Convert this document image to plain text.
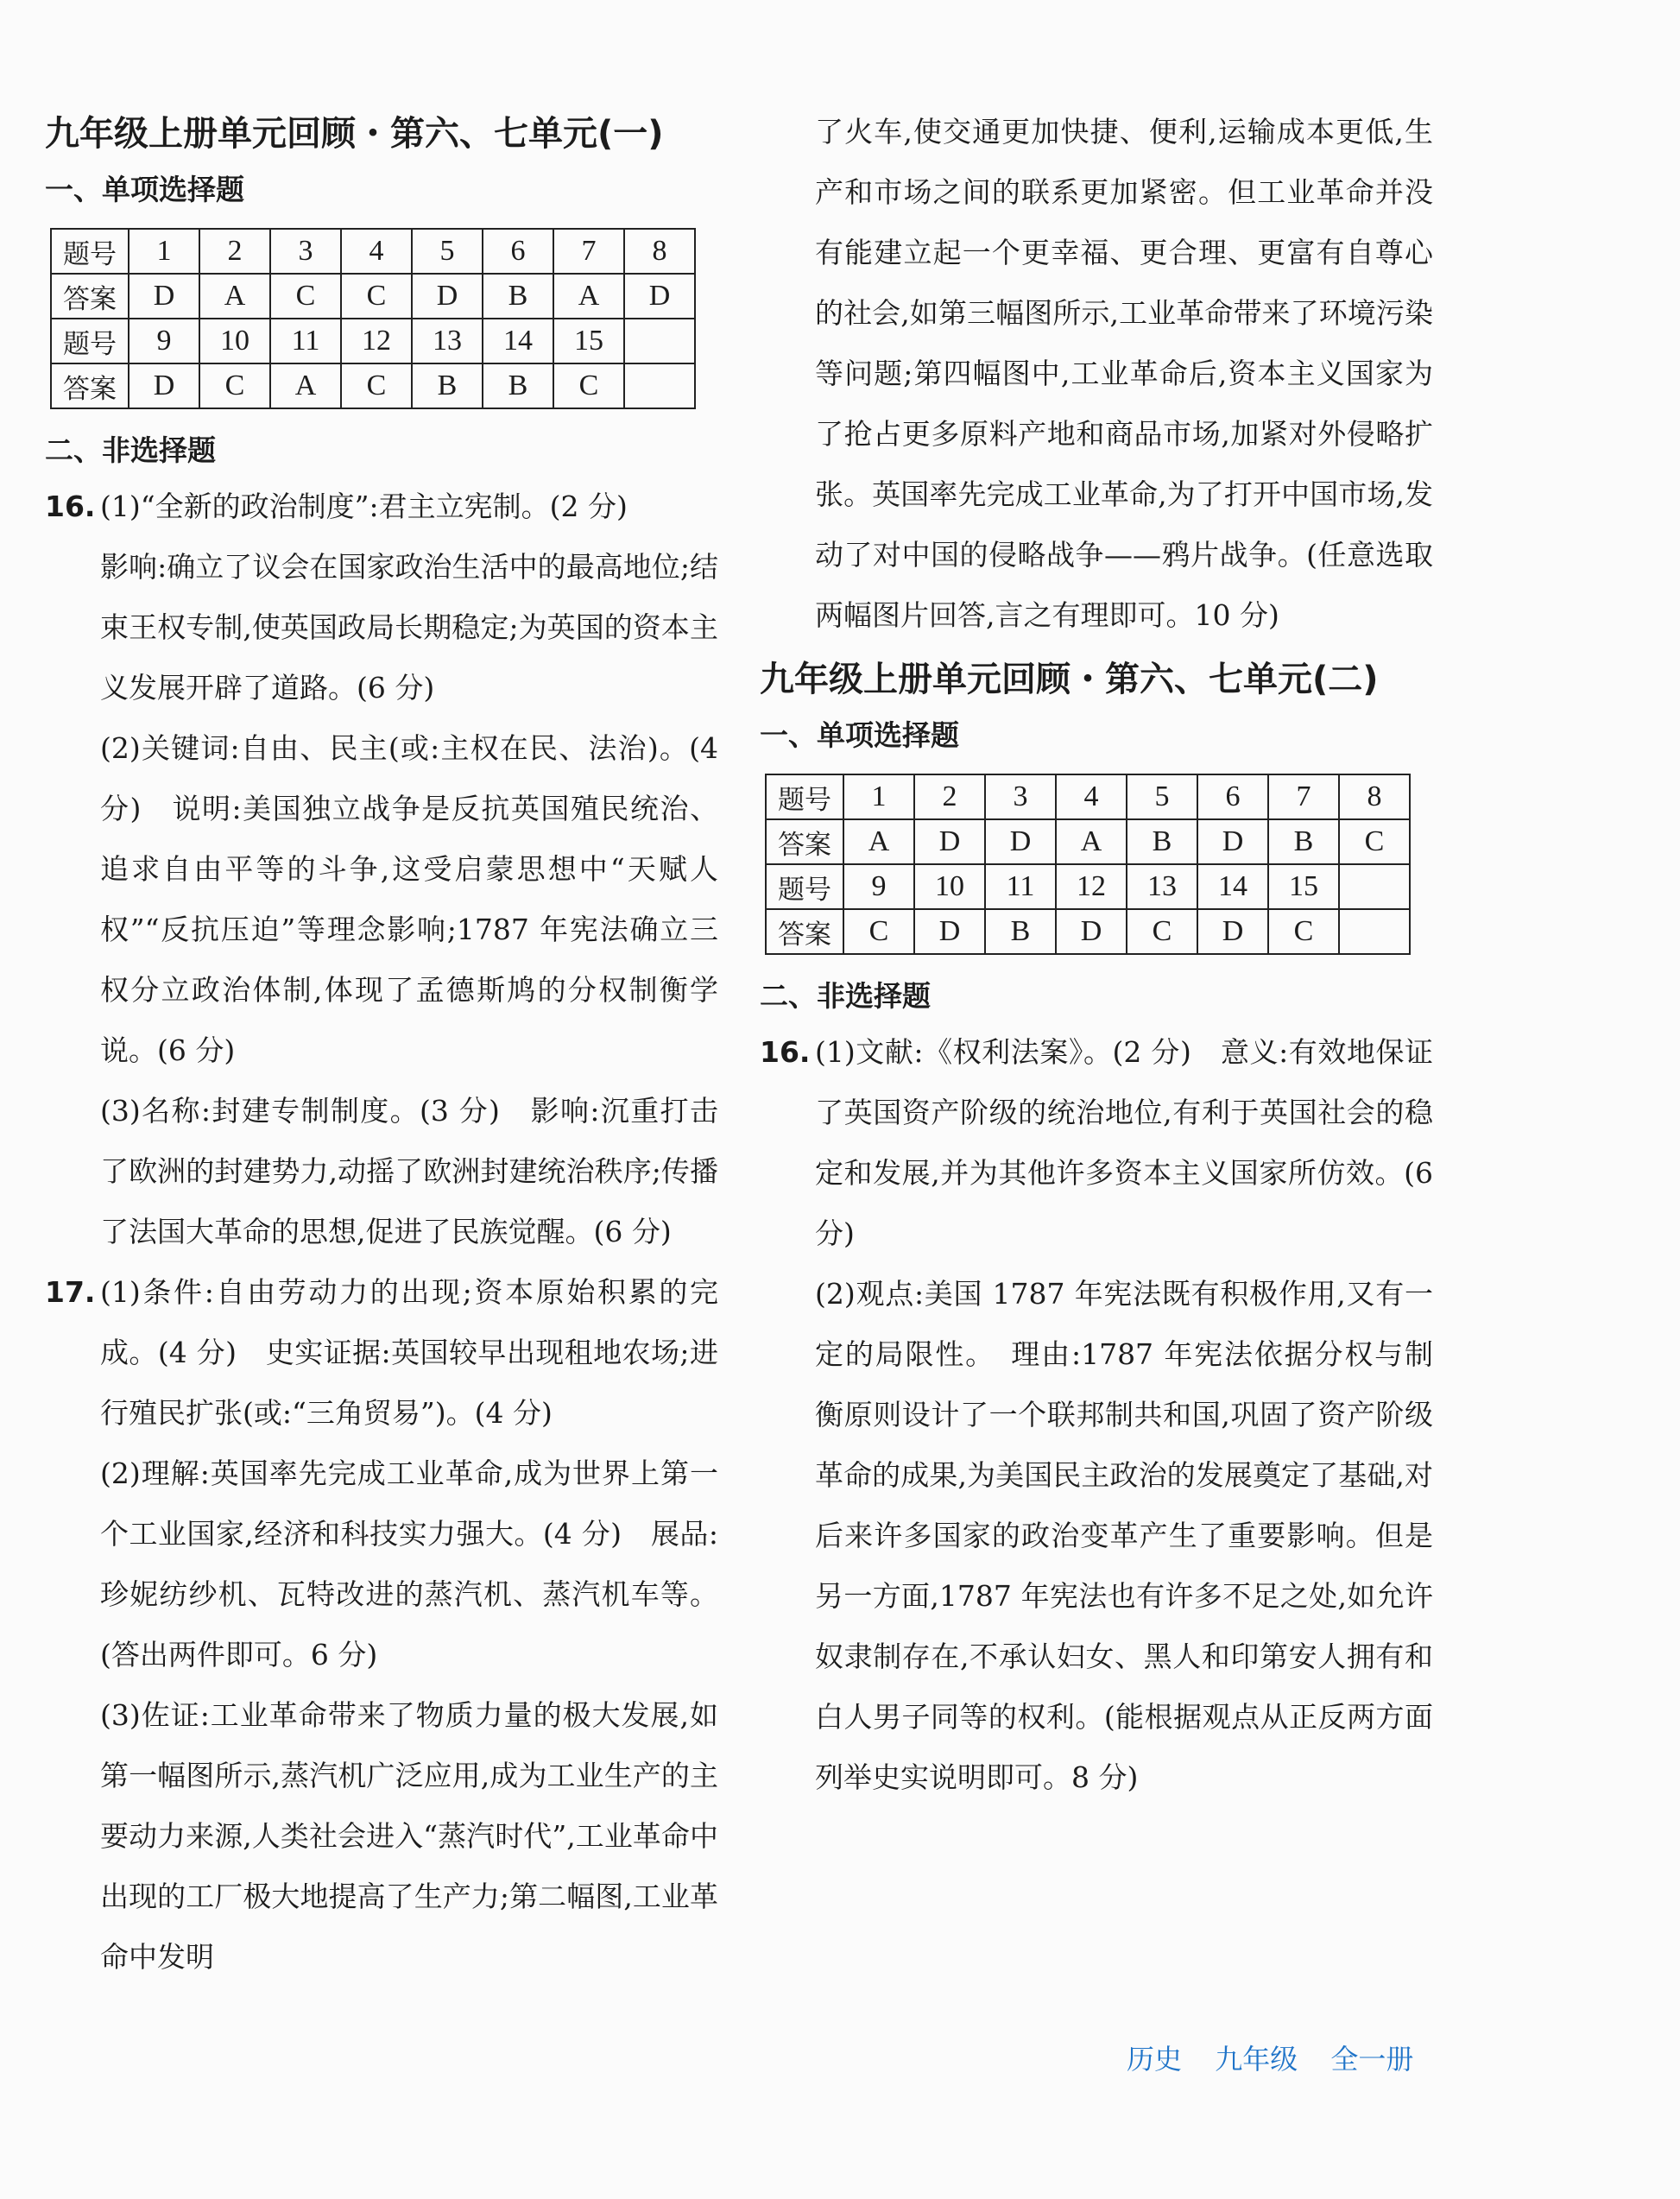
九年级上册单元回顾・第六、七单元(一)
一、单项选择题
题号	1	2	3	4	5	6	7	8
答案	D	A	C	C	D	B	A	D
题号	9	10	11	12	13	14	15	
答案	D	C	A	C	B	B	C	
二、非选择题
16. (1)“全新的政治制度”:君主立宪制。(2 分)

影响:确立了议会在国家政治生活中的最高地位;结束王权专制,使英国政局长期稳定;为英国的资本主义发展开辟了道路。(6 分)

(2)关键词:自由、民主(或:主权在民、法治)。(4 分)　说明:美国独立战争是反抗英国殖民统治、追求自由平等的斗争,这受启蒙思想中“天赋人权”“反抗压迫”等理念影响;1787 年宪法确立三权分立政治体制,体现了孟德斯鸠的分权制衡学说。(6 分)

(3)名称:封建专制制度。(3 分)　影响:沉重打击了欧洲的封建势力,动摇了欧洲封建统治秩序;传播了法国大革命的思想,促进了民族觉醒。(6 分)

17. (1)条件:自由劳动力的出现;资本原始积累的完成。(4 分)　史实证据:英国较早出现租地农场;进行殖民扩张(或:“三角贸易”)。(4 分)

(2)理解:英国率先完成工业革命,成为世界上第一个工业国家,经济和科技实力强大。(4 分)　展品:珍妮纺纱机、瓦特改进的蒸汽机、蒸汽机车等。(答出两件即可。6 分)

(3)佐证:工业革命带来了物质力量的极大发展,如第一幅图所示,蒸汽机广泛应用,成为工业生产的主要动力来源,人类社会进入“蒸汽时代”,工业革命中出现的工厂极大地提高了生产力;第二幅图,工业革命中发明

了火车,使交通更加快捷、便利,运输成本更低,生产和市场之间的联系更加紧密。但工业革命并没有能建立起一个更幸福、更合理、更富有自尊心的社会,如第三幅图所示,工业革命带来了环境污染等问题;第四幅图中,工业革命后,资本主义国家为了抢占更多原料产地和商品市场,加紧对外侵略扩张。英国率先完成工业革命,为了打开中国市场,发动了对中国的侵略战争——鸦片战争。(任意选取两幅图片回答,言之有理即可。10 分)

九年级上册单元回顾・第六、七单元(二)
一、单项选择题
题号	1	2	3	4	5	6	7	8
答案	A	D	D	A	B	D	B	C
题号	9	10	11	12	13	14	15	
答案	C	D	B	D	C	D	C	
二、非选择题
16. (1)文献:《权利法案》。(2 分)　意义:有效地保证了英国资产阶级的统治地位,有利于英国社会的稳定和发展,并为其他许多资本主义国家所仿效。(6 分)

(2)观点:美国 1787 年宪法既有积极作用,又有一定的局限性。　理由:1787 年宪法依据分权与制衡原则设计了一个联邦制共和国,巩固了资产阶级革命的成果,为美国民主政治的发展奠定了基础,对后来许多国家的政治变革产生了重要影响。但是另一方面,1787 年宪法也有许多不足之处,如允许奴隶制存在,不承认妇女、黑人和印第安人拥有和白人男子同等的权利。(能根据观点从正反两方面列举史实说明即可。8 分)

历史 九年级 全一册
